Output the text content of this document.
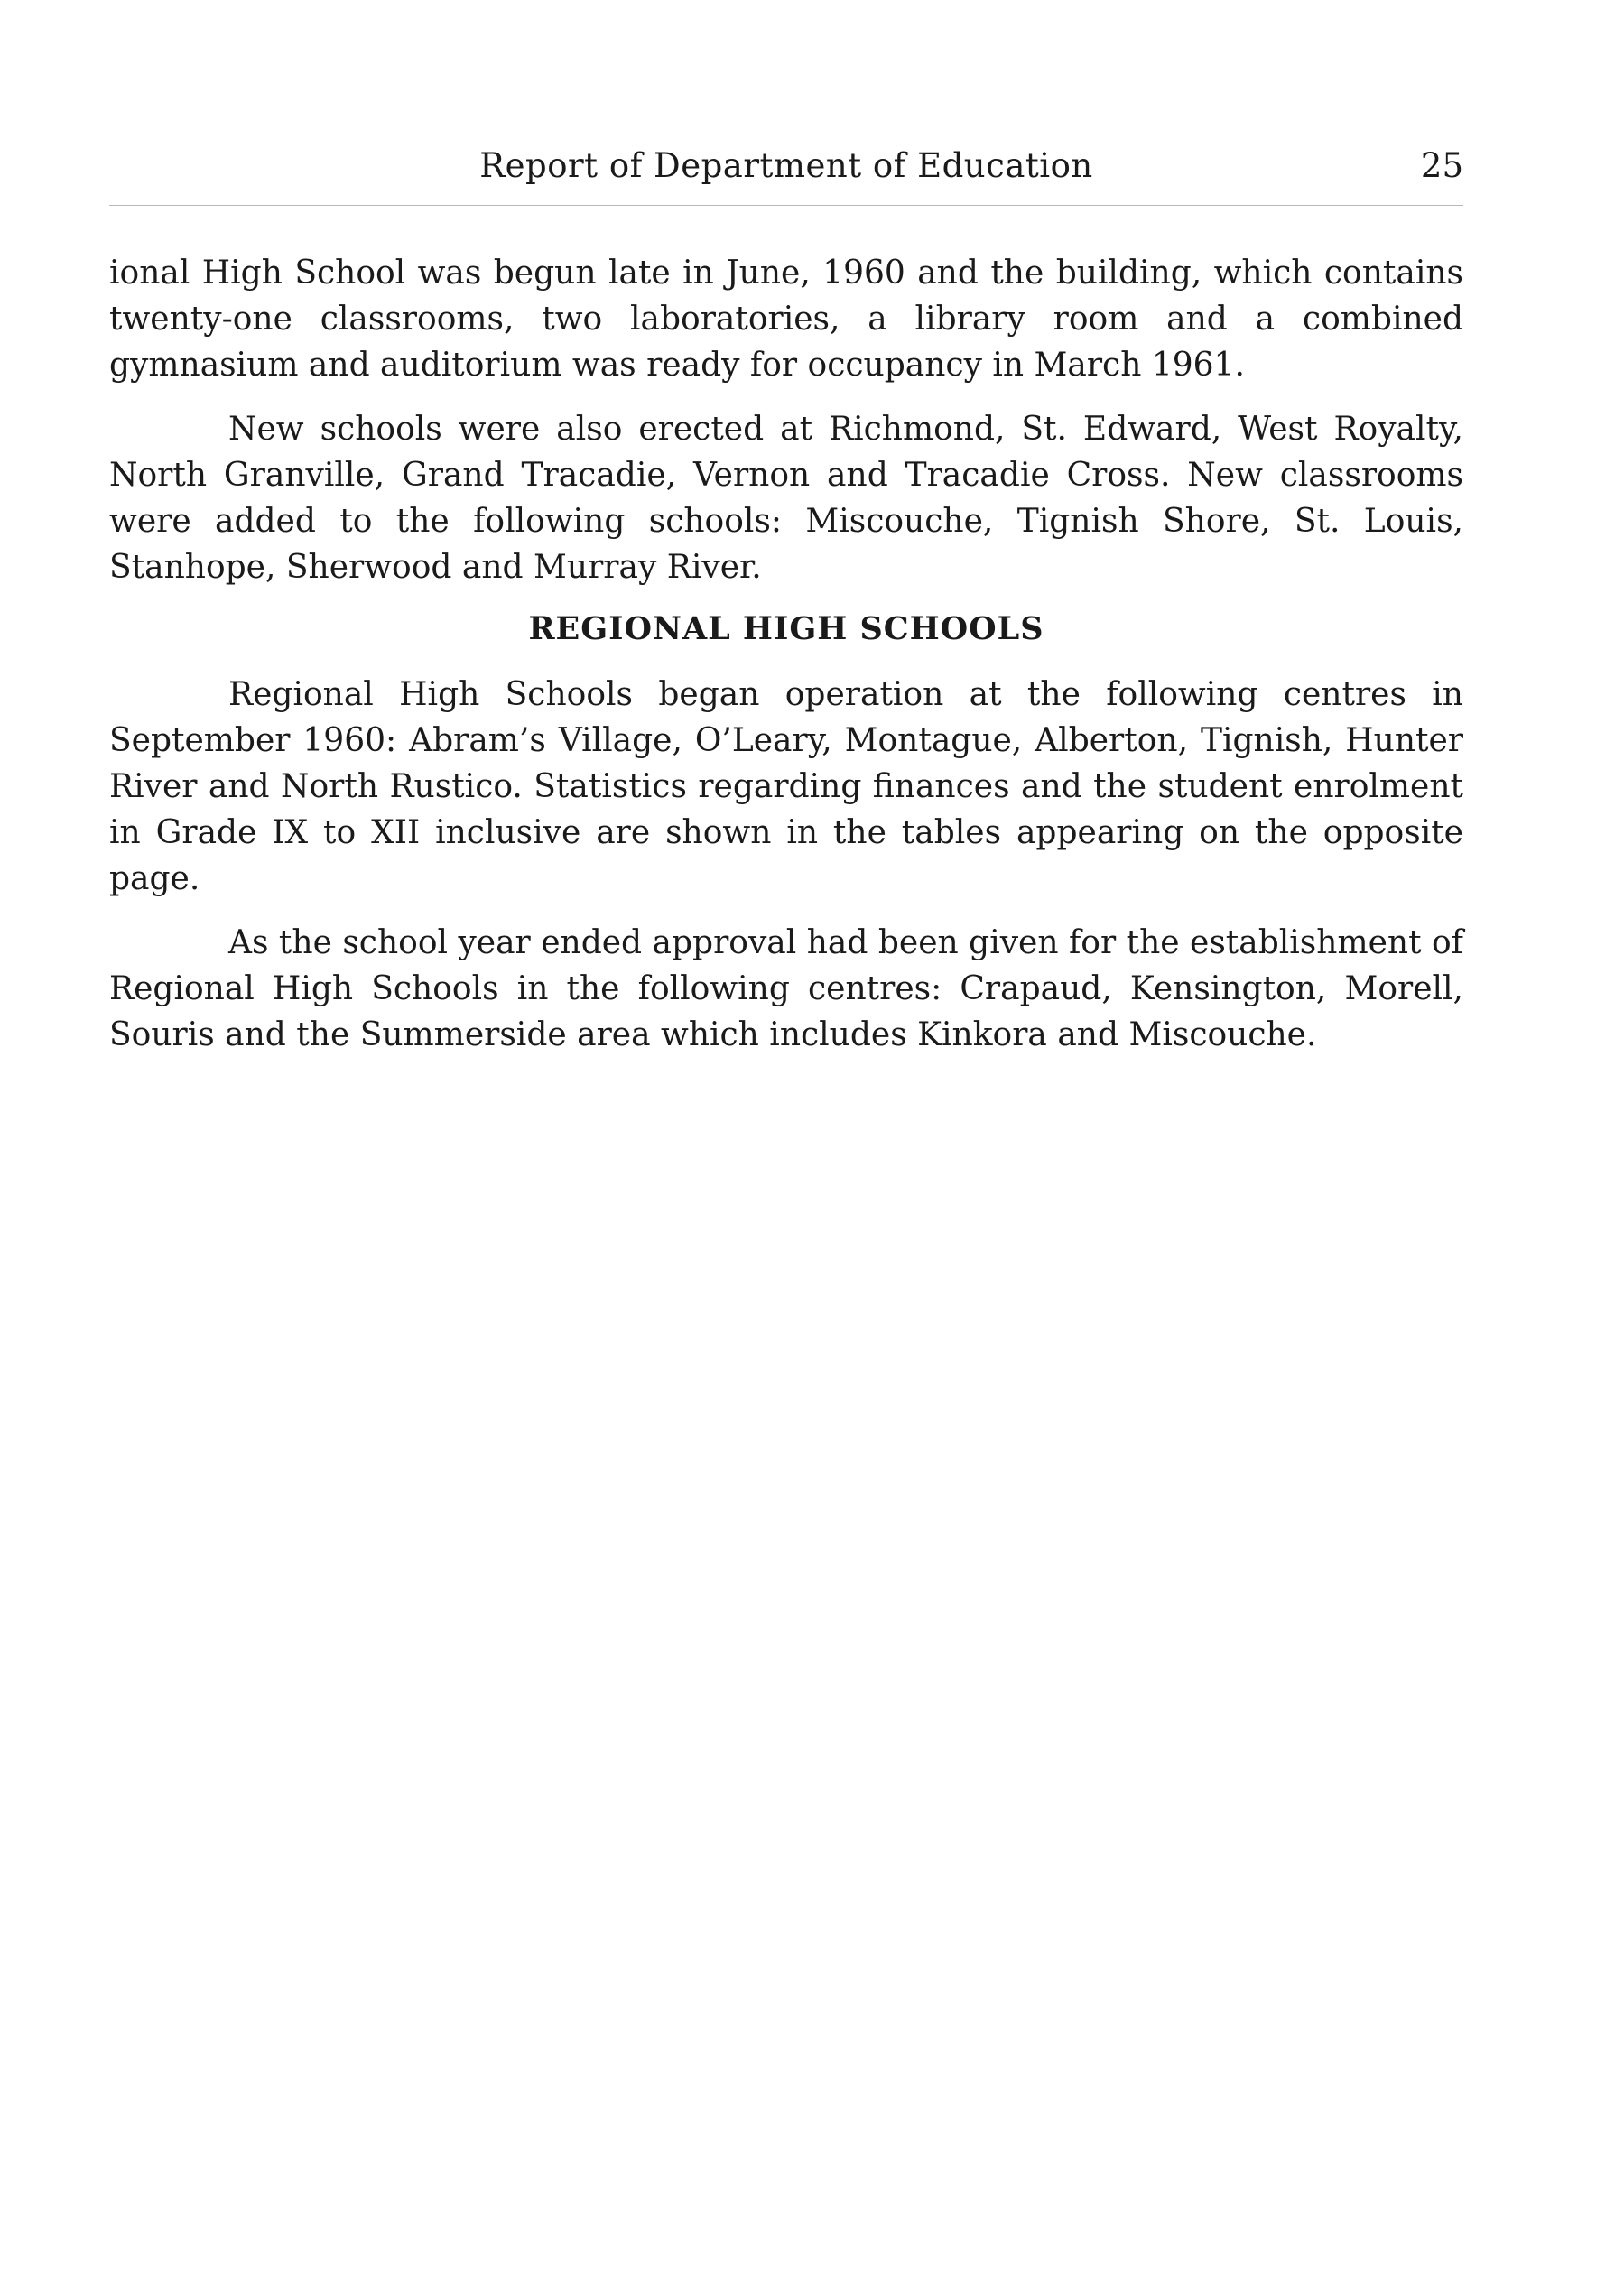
Report of Department of Education	25

ional High School was begun late in June, 1960 and the building, which contains twenty-one classrooms, two laboratories, a library room and a combined gymnasium and auditorium was ready for occupancy in March 1961.

New schools were also erected at Richmond, St. Edward, West Royalty, North Granville, Grand Tracadie, Vernon and Tracadie Cross. New classrooms were added to the following schools: Miscouche, Tignish Shore, St. Louis, Stanhope, Sherwood and Murray River.

REGIONAL HIGH SCHOOLS

Regional High Schools began operation at the following centres in September 1960: Abram’s Village, O’Leary, Montague, Alberton, Tignish, Hunter River and North Rustico. Statistics regarding finances and the student enrolment in Grade IX to XII inclusive are shown in the tables appearing on the opposite page.

As the school year ended approval had been given for the establishment of Regional High Schools in the following centres: Crapaud, Kensington, Morell, Souris and the Summerside area which includes Kinkora and Miscouche.
